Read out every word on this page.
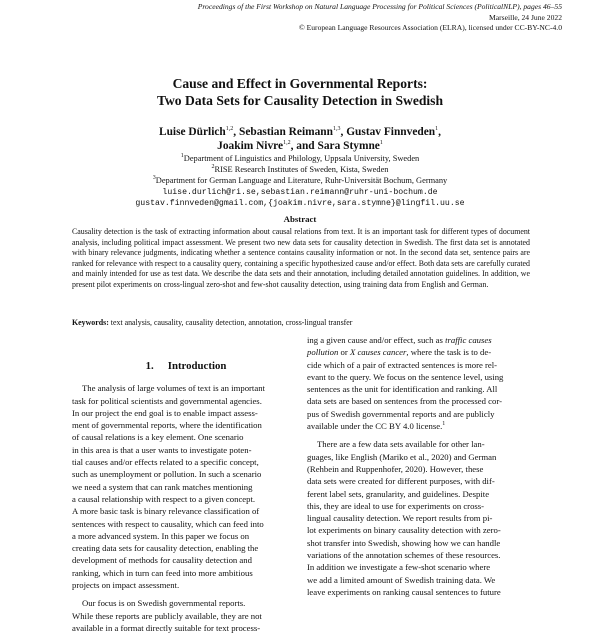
Proceedings of the First Workshop on Natural Language Processing for Political Sciences (PoliticalNLP), pages 46–55
Marseille, 24 June 2022
© European Language Resources Association (ELRA), licensed under CC-BY-NC-4.0
Cause and Effect in Governmental Reports:
Two Data Sets for Causality Detection in Swedish
Luise Dürlich$^{1,2}$, Sebastian Reimann$^{1,3}$, Gustav Finnveden$^1$,
Joakim Nivre$^{1,2}$, and Sara Stymne$^1$
$^1$Department of Linguistics and Philology, Uppsala University, Sweden
$^2$RISE Research Institutes of Sweden, Kista, Sweden
$^3$Department for German Language and Literature, Ruhr-Universität Bochum, Germany
luise.durlich@ri.se,sebastian.reimann@ruhr-uni-bochum.de
gustav.finnveden@gmail.com,{joakim.nivre,sara.stymne}@lingfil.uu.se
Abstract
Causality detection is the task of extracting information about causal relations from text. It is an important task for different types of document analysis, including political impact assessment. We present two new data sets for causality detection in Swedish. The first data set is annotated with binary relevance judgments, indicating whether a sentence contains causality information or not. In the second data set, sentence pairs are ranked for relevance with respect to a causality query, containing a specific hypothesized cause and/or effect. Both data sets are carefully curated and mainly intended for use as test data. We describe the data sets and their annotation, including detailed annotation guidelines. In addition, we present pilot experiments on cross-lingual zero-shot and few-shot causality detection, using training data from English and German.
Keywords: text analysis, causality, causality detection, annotation, cross-lingual transfer
1. Introduction

The analysis of large volumes of text is an important
task for political scientists and governmental agencies.
In our project the end goal is to enable impact assess-
ment of governmental reports, where the identification
of causal relations is a key element. One scenario
in this area is that a user wants to investigate poten-
tial causes and/or effects related to a specific concept,
such as unemployment or pollution. In such a scenario
we need a system that can rank matches mentioning
a causal relationship with respect to a given concept.
A more basic task is binary relevance classification of
sentences with respect to causality, which can feed into
a more advanced system. In this paper we focus on
creating data sets for causality detection, enabling the
development of methods for causality detection and
ranking, which in turn can feed into more ambitious
projects on impact assessment.

Our focus is on Swedish governmental reports.
While these reports are publicly available, they are not
available in a format directly suitable for text process-

ing a given cause and/or effect, such as traffic causes
pollution or X causes cancer, where the task is to de-
cide which of a pair of extracted sentences is more rel-
evant to the query. We focus on the sentence level, using
sentences as the unit for identification and ranking. All
data sets are based on sentences from the processed cor-
pus of Swedish governmental reports and are publicly
available under the CC BY 4.0 license.$^1$

There are a few data sets available for other lan-
guages, like English (Mariko et al., 2020) and German
(Rehbein and Ruppenhofer, 2020). However, these
data sets were created for different purposes, with dif-
ferent label sets, granularity, and guidelines. Despite
this, they are ideal to use for experiments on cross-
lingual causality detection. We report results from pi-
lot experiments on binary causality detection with zero-
shot transfer into Swedish, showing how we can handle
variations of the annotation schemes of these resources.
In addition we investigate a few-shot scenario where
we add a limited amount of Swedish training data. We
leave experiments on ranking causal sentences to future
